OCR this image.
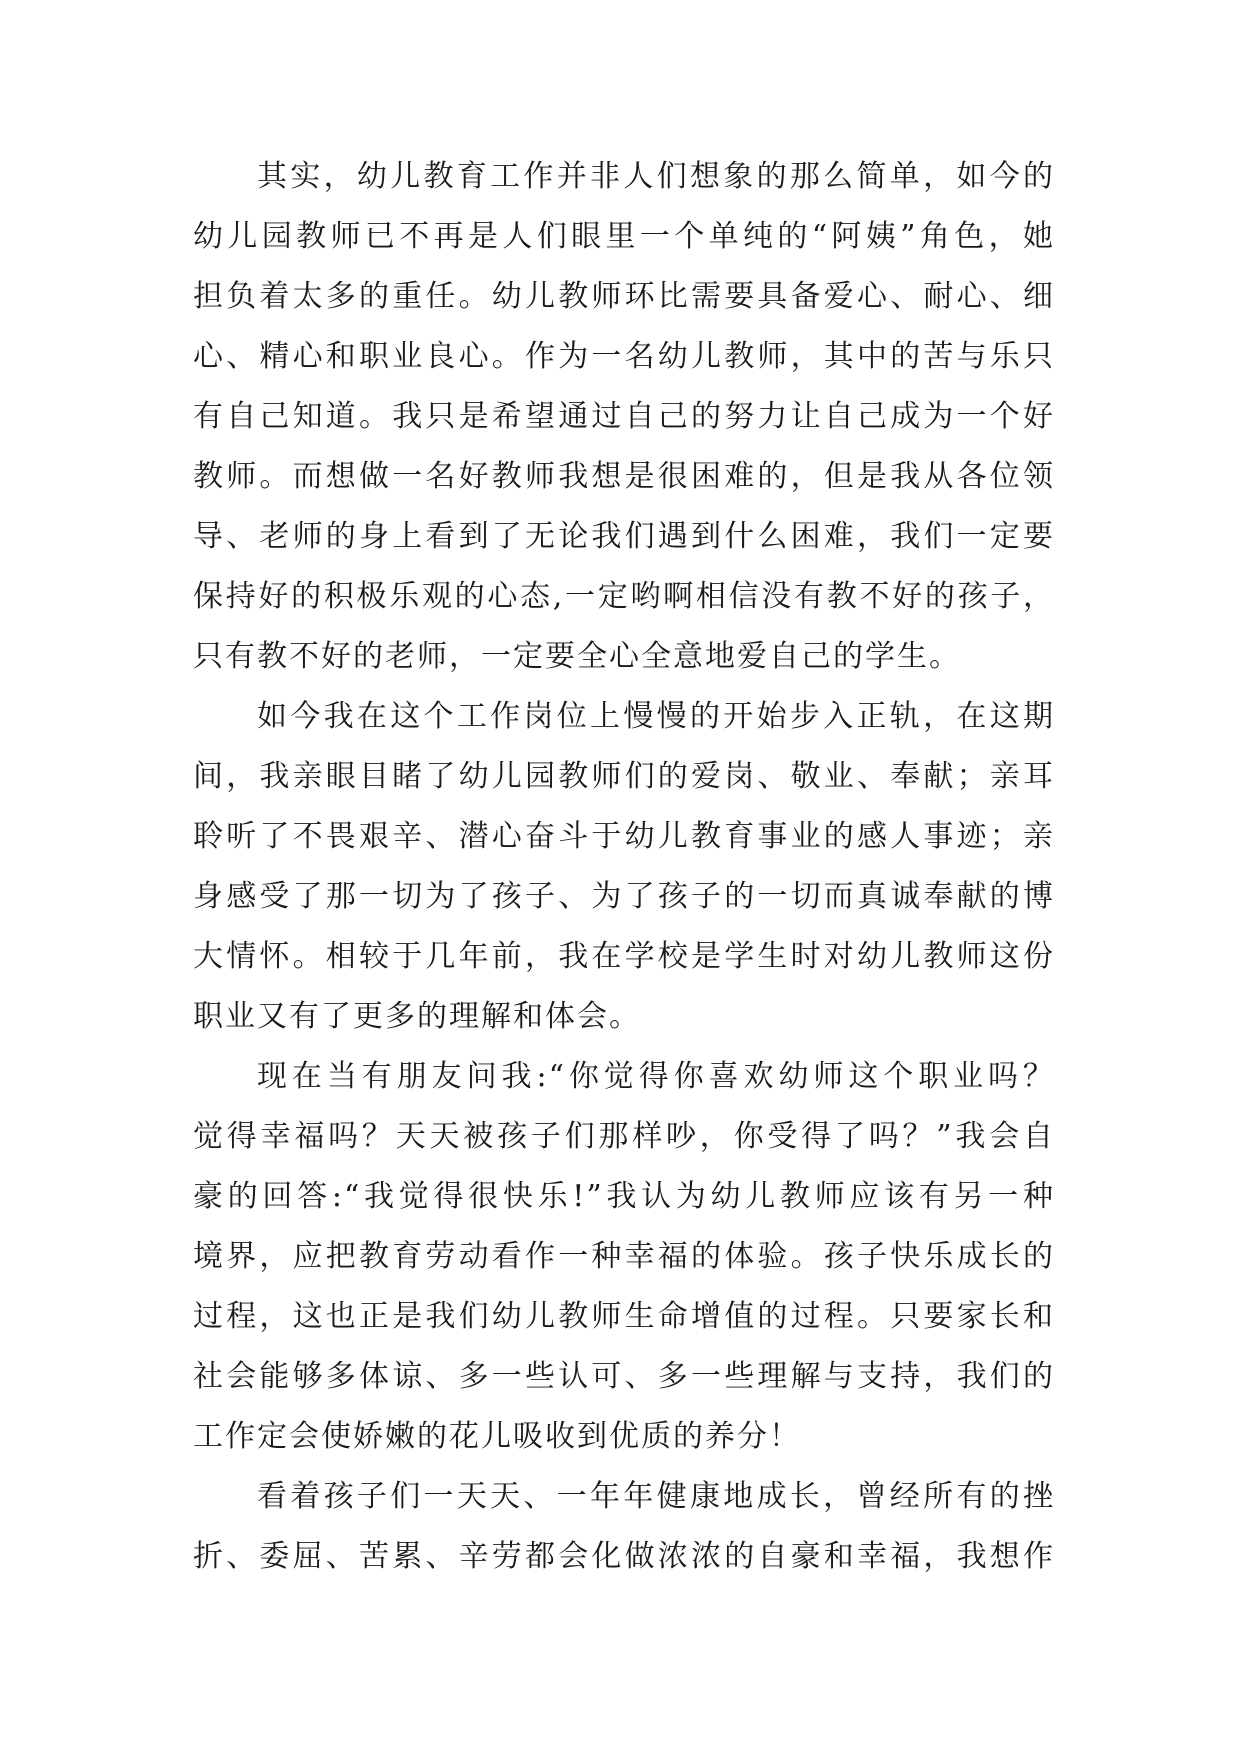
其实，幼儿教育工作并非人们想象的那么简单，如今的
幼儿园教师已不再是人们眼里一个单纯的“阿姨”角色，她
担负着太多的重任。幼儿教师环比需要具备爱心、耐心、细
心、精心和职业良心。作为一名幼儿教师，其中的苦与乐只
有自己知道。我只是希望通过自己的努力让自己成为一个好
教师。而想做一名好教师我想是很困难的，但是我从各位领
导、老师的身上看到了无论我们遇到什么困难，我们一定要
保持好的积极乐观的心态,一定哟啊相信没有教不好的孩子，
只有教不好的老师，一定要全心全意地爱自己的学生。
如今我在这个工作岗位上慢慢的开始步入正轨，在这期
间，我亲眼目睹了幼儿园教师们的爱岗、敬业、奉献；亲耳
聆听了不畏艰辛、潜心奋斗于幼儿教育事业的感人事迹；亲
身感受了那一切为了孩子、为了孩子的一切而真诚奉献的博
大情怀。相较于几年前，我在学校是学生时对幼儿教师这份
职业又有了更多的理解和体会。
现在当有朋友问我:“你觉得你喜欢幼师这个职业吗？
觉得幸福吗？天天被孩子们那样吵，你受得了吗？”我会自
豪的回答:“我觉得很快乐!”我认为幼儿教师应该有另一种
境界，应把教育劳动看作一种幸福的体验。孩子快乐成长的
过程，这也正是我们幼儿教师生命增值的过程。只要家长和
社会能够多体谅、多一些认可、多一些理解与支持，我们的
工作定会使娇嫩的花儿吸收到优质的养分！
看着孩子们一天天、一年年健康地成长，曾经所有的挫
折、委屈、苦累、辛劳都会化做浓浓的自豪和幸福，我想作
